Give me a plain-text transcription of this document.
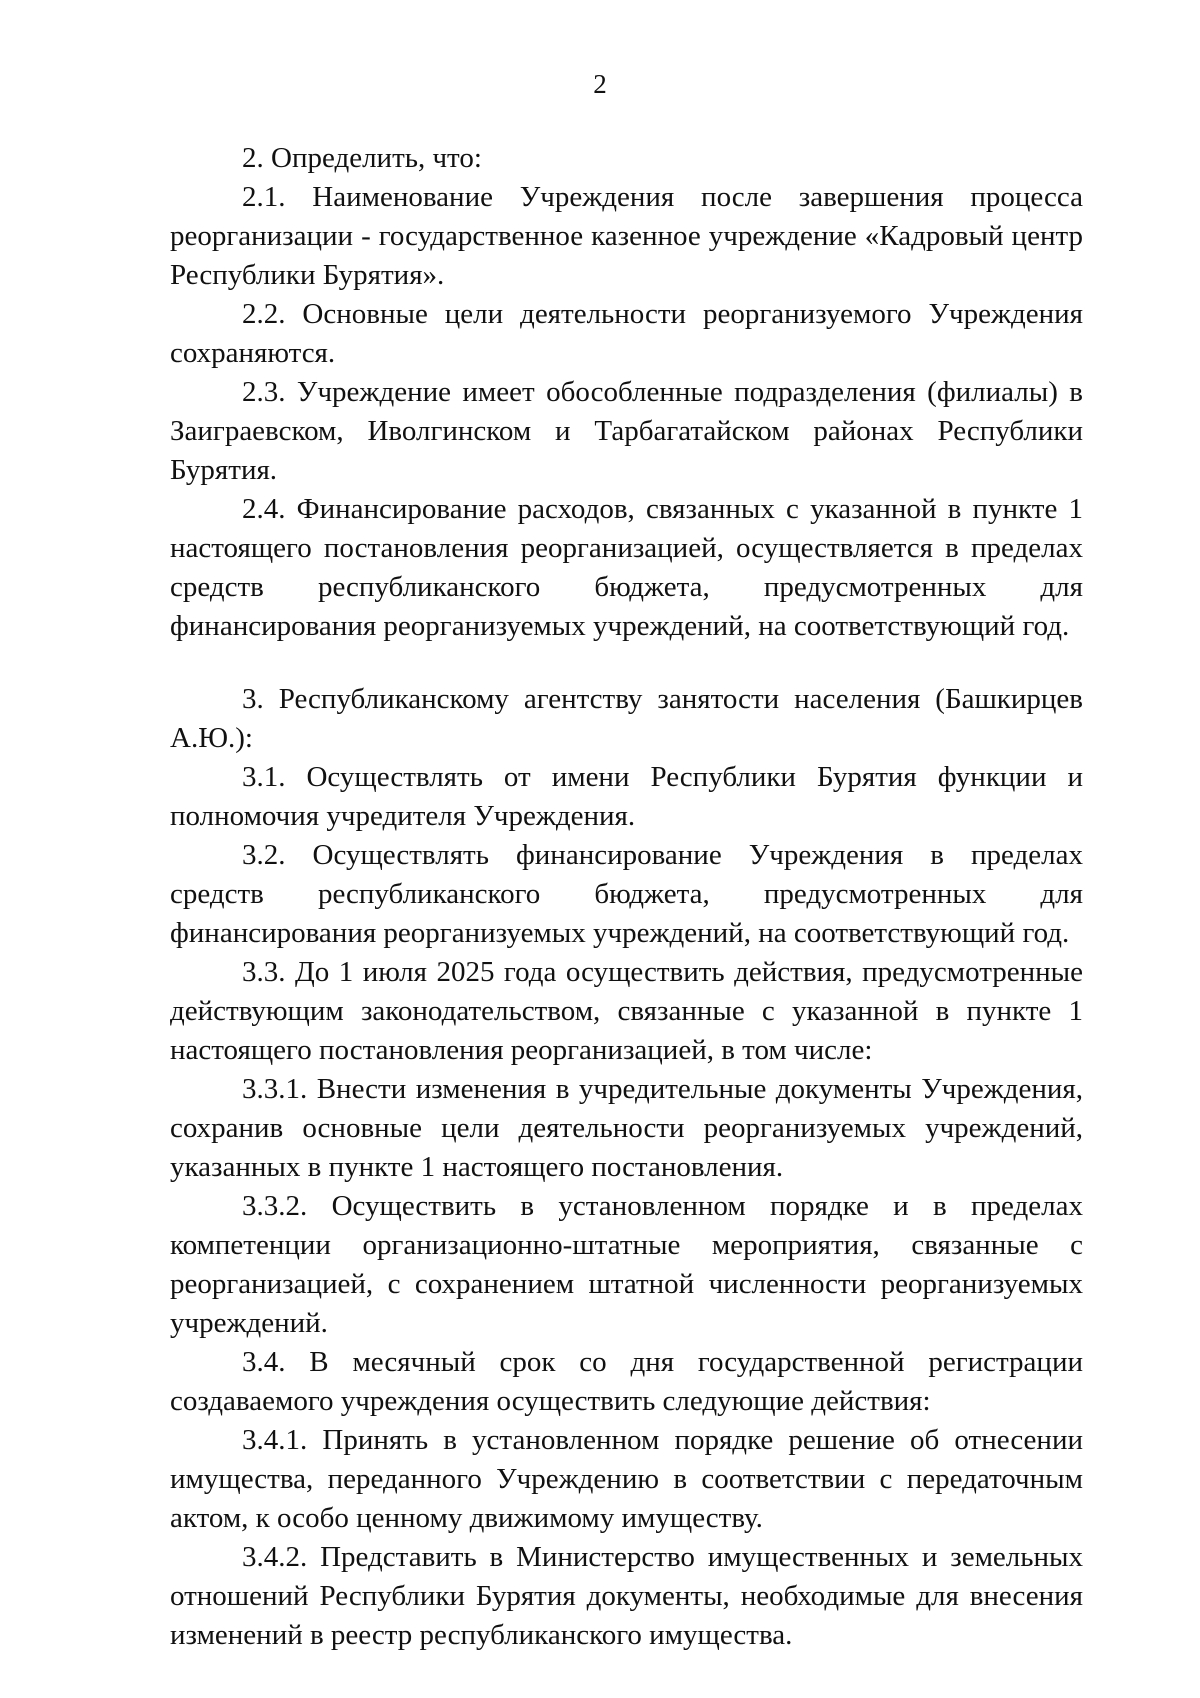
2

2. Определить, что:

2.1. Наименование Учреждения после завершения процесса реорганизации - государственное казенное учреждение «Кадровый центр Республики Бурятия».

2.2. Основные цели деятельности реорганизуемого Учреждения сохраняются.

2.3. Учреждение имеет обособленные подразделения (филиалы) в Заиграевском, Иволгинском и Тарбагатайском районах Республики Бурятия.

2.4. Финансирование расходов, связанных с указанной в пункте 1 настоящего постановления реорганизацией, осуществляется в пределах средств республиканского бюджета, предусмотренных для финансирования реорганизуемых учреждений, на соответствующий год.

3. Республиканскому агентству занятости населения (Башкирцев А.Ю.):

3.1. Осуществлять от имени Республики Бурятия функции и полномочия учредителя Учреждения.

3.2. Осуществлять финансирование Учреждения в пределах средств республиканского бюджета, предусмотренных для финансирования реорганизуемых учреждений, на соответствующий год.

3.3. До 1 июля 2025 года осуществить действия, предусмотренные действующим законодательством, связанные с указанной в пункте 1 настоящего постановления реорганизацией, в том числе:

3.3.1. Внести изменения в учредительные документы Учреждения, сохранив основные цели деятельности реорганизуемых учреждений, указанных в пункте 1 настоящего постановления.

3.3.2. Осуществить в установленном порядке и в пределах компетенции организационно-штатные мероприятия, связанные с реорганизацией, с сохранением штатной численности реорганизуемых учреждений.

3.4. В месячный срок со дня государственной регистрации создаваемого учреждения осуществить следующие действия:

3.4.1. Принять в установленном порядке решение об отнесении имущества, переданного Учреждению в соответствии с передаточным актом, к особо ценному движимому имуществу.

3.4.2. Представить в Министерство имущественных и земельных отношений Республики Бурятия документы, необходимые для внесения изменений в реестр республиканского имущества.
